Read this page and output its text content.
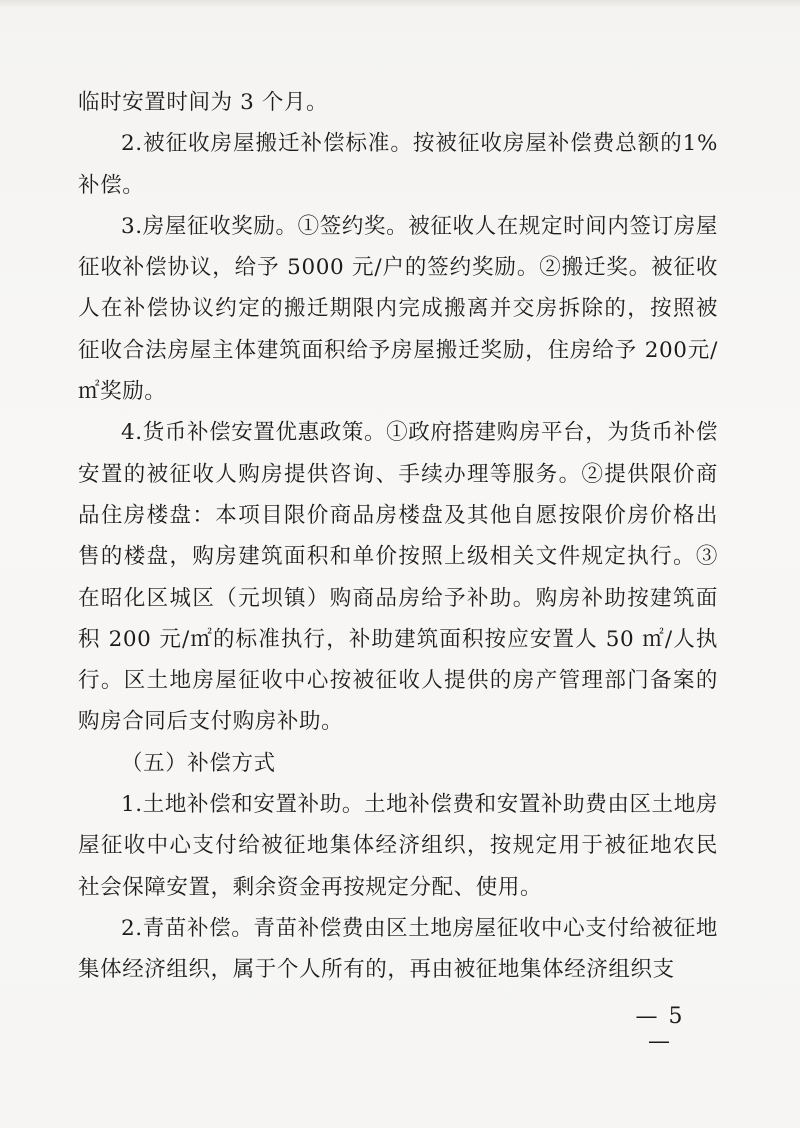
临时安置时间为 3 个月。

2.被征收房屋搬迁补偿标准。按被征收房屋补偿费总额的1%补偿。

3.房屋征收奖励。①签约奖。被征收人在规定时间内签订房屋征收补偿协议，给予 5000 元/户的签约奖励。②搬迁奖。被征收人在补偿协议约定的搬迁期限内完成搬离并交房拆除的，按照被征收合法房屋主体建筑面积给予房屋搬迁奖励，住房给予 200元/㎡奖励。

4.货币补偿安置优惠政策。①政府搭建购房平台，为货币补偿安置的被征收人购房提供咨询、手续办理等服务。②提供限价商品住房楼盘：本项目限价商品房楼盘及其他自愿按限价房价格出售的楼盘，购房建筑面积和单价按照上级相关文件规定执行。③在昭化区城区（元坝镇）购商品房给予补助。购房补助按建筑面积 200 元/㎡的标准执行，补助建筑面积按应安置人 50 ㎡/人执行。区土地房屋征收中心按被征收人提供的房产管理部门备案的购房合同后支付购房补助。

（五）补偿方式

1.土地补偿和安置补助。土地补偿费和安置补助费由区土地房屋征收中心支付给被征地集体经济组织，按规定用于被征地农民社会保障安置，剩余资金再按规定分配、使用。

2.青苗补偿。青苗补偿费由区土地房屋征收中心支付给被征地集体经济组织，属于个人所有的，再由被征地集体经济组织支

— 5 —
